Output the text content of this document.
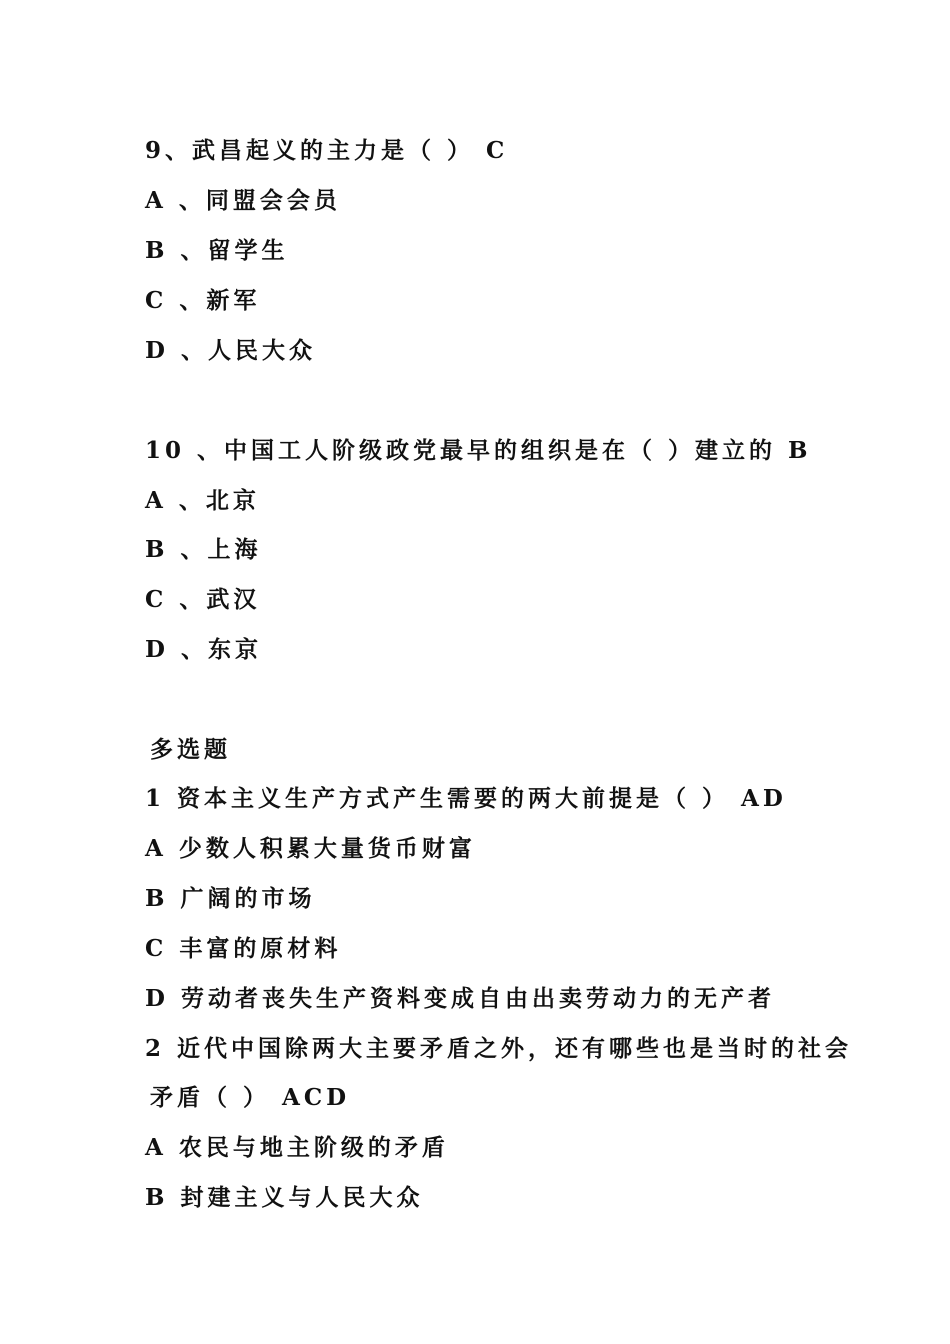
9、武昌起义的主力是（ ） C
A 、同盟会会员
B 、留学生
C 、新军
D 、人民大众
10 、中国工人阶级政党最早的组织是在（ ）建立的 B
A 、北京
B 、上海
C 、武汉
D 、东京
多选题
1 资本主义生产方式产生需要的两大前提是（ ） AD
A 少数人积累大量货币财富
B 广阔的市场
C 丰富的原材料
D 劳动者丧失生产资料变成自由出卖劳动力的无产者
2 近代中国除两大主要矛盾之外，还有哪些也是当时的社会
矛盾（ ） ACD
A 农民与地主阶级的矛盾
B 封建主义与人民大众
